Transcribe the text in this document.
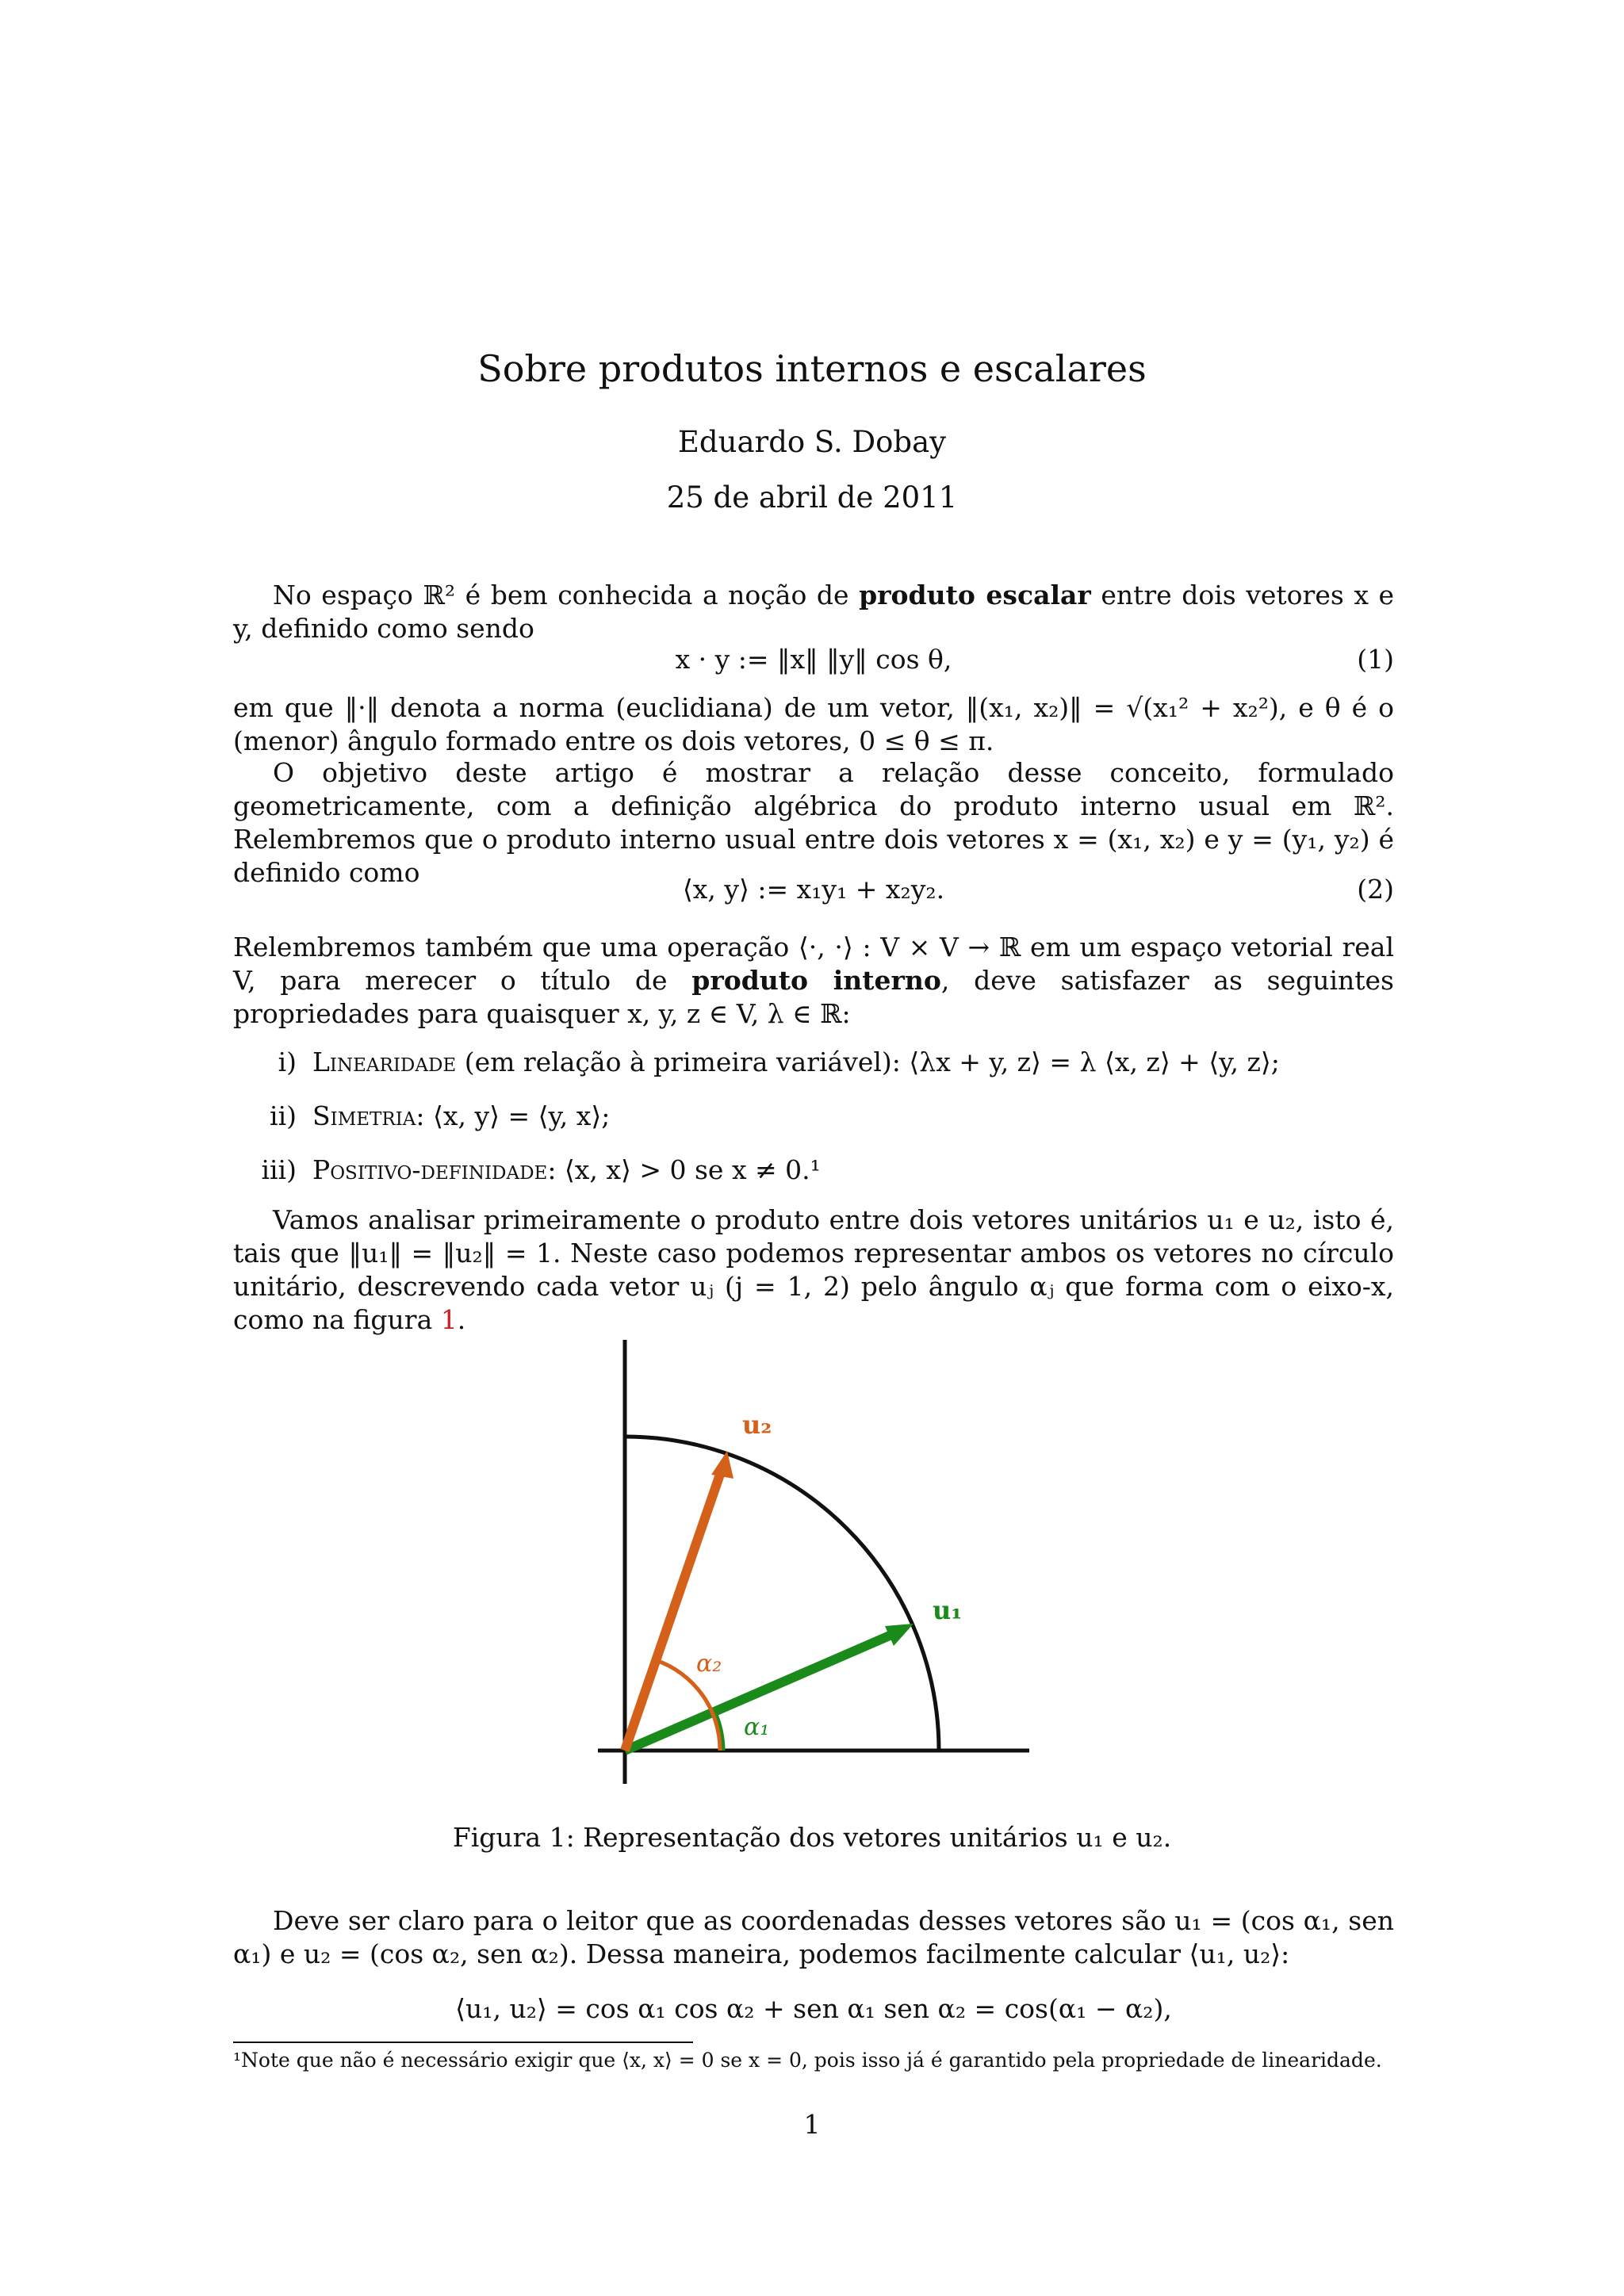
Sobre produtos internos e escalares
Eduardo S. Dobay
25 de abril de 2011

No espaço ℝ² é bem conhecida a noção de produto escalar entre dois vetores x e y, definido como sendo

x · y := ‖x‖ ‖y‖ cos θ,	(1)

em que ‖·‖ denota a norma (euclidiana) de um vetor, ‖(x₁, x₂)‖ = √(x₁² + x₂²), e θ é o (menor) ângulo formado entre os dois vetores, 0 ≤ θ ≤ π.

O objetivo deste artigo é mostrar a relação desse conceito, formulado geometricamente, com a definição algébrica do produto interno usual em ℝ². Relembremos que o produto interno usual entre dois vetores x = (x₁, x₂) e y = (y₁, y₂) é definido como

⟨x, y⟩ := x₁y₁ + x₂y₂.	(2)

Relembremos também que uma operação ⟨·, ·⟩ : V × V → ℝ em um espaço vetorial real V, para merecer o título de produto interno, deve satisfazer as seguintes propriedades para quaisquer x, y, z ∈ V, λ ∈ ℝ:

i) Linearidade (em relação à primeira variável): ⟨λx + y, z⟩ = λ ⟨x, z⟩ + ⟨y, z⟩;
ii) Simetria: ⟨x, y⟩ = ⟨y, x⟩;
iii) Positivo-definidade: ⟨x, x⟩ > 0 se x ≠ 0.¹

Vamos analisar primeiramente o produto entre dois vetores unitários u₁ e u₂, isto é, tais que ‖u₁‖ = ‖u₂‖ = 1. Neste caso podemos representar ambos os vetores no círculo unitário, descrevendo cada vetor uⱼ (j = 1, 2) pelo ângulo αⱼ que forma com o eixo-x, como na figura 1.

u₂
u₁
α₂
α₁
Figura 1: Representação dos vetores unitários u₁ e u₂.

Deve ser claro para o leitor que as coordenadas desses vetores são u₁ = (cos α₁, sen α₁) e u₂ = (cos α₂, sen α₂). Dessa maneira, podemos facilmente calcular ⟨u₁, u₂⟩:

⟨u₁, u₂⟩ = cos α₁ cos α₂ + sen α₁ sen α₂ = cos(α₁ − α₂),
¹Note que não é necessário exigir que ⟨x, x⟩ = 0 se x = 0, pois isso já é garantido pela propriedade de linearidade.
1
